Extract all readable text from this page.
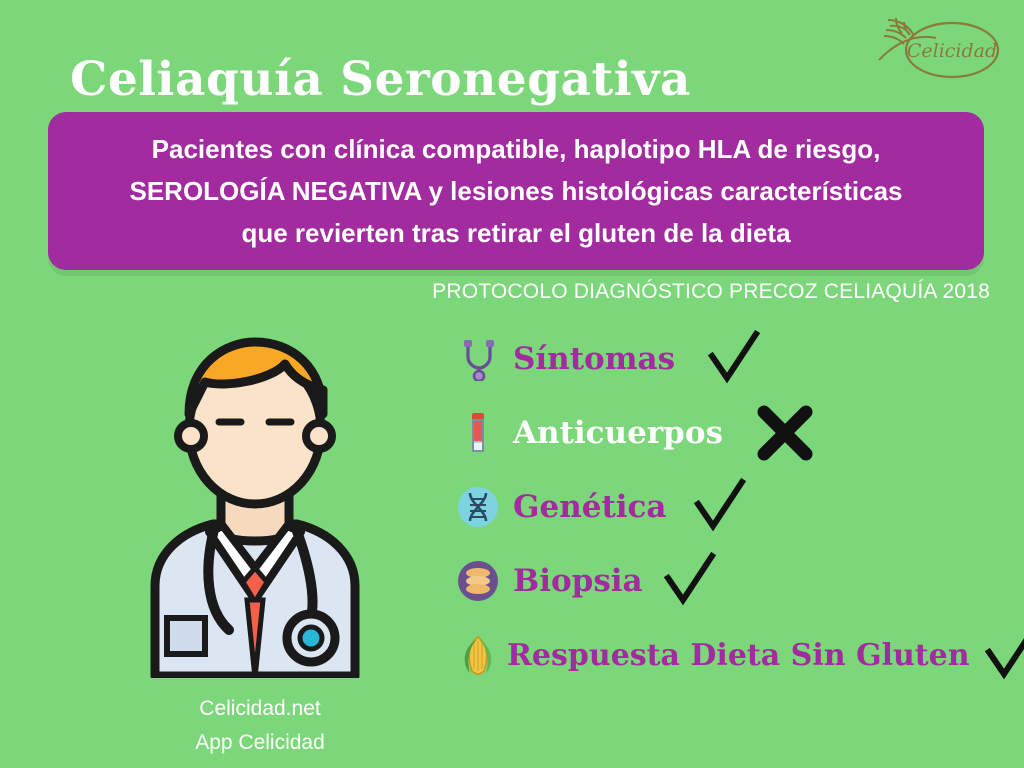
Celicidad
Celiaquía Seronegativa
Pacientes con clínica compatible, haplotipo HLA de riesgo,
SEROLOGÍA NEGATIVA y lesiones histológicas características
que revierten tras retirar el gluten de la dieta
PROTOCOLO DIAGNÓSTICO PRECOZ CELIAQUÍA 2018
Síntomas
Anticuerpos
Genética
Biopsia
Respuesta Dieta Sin Gluten
Celicidad.net
App Celicidad
